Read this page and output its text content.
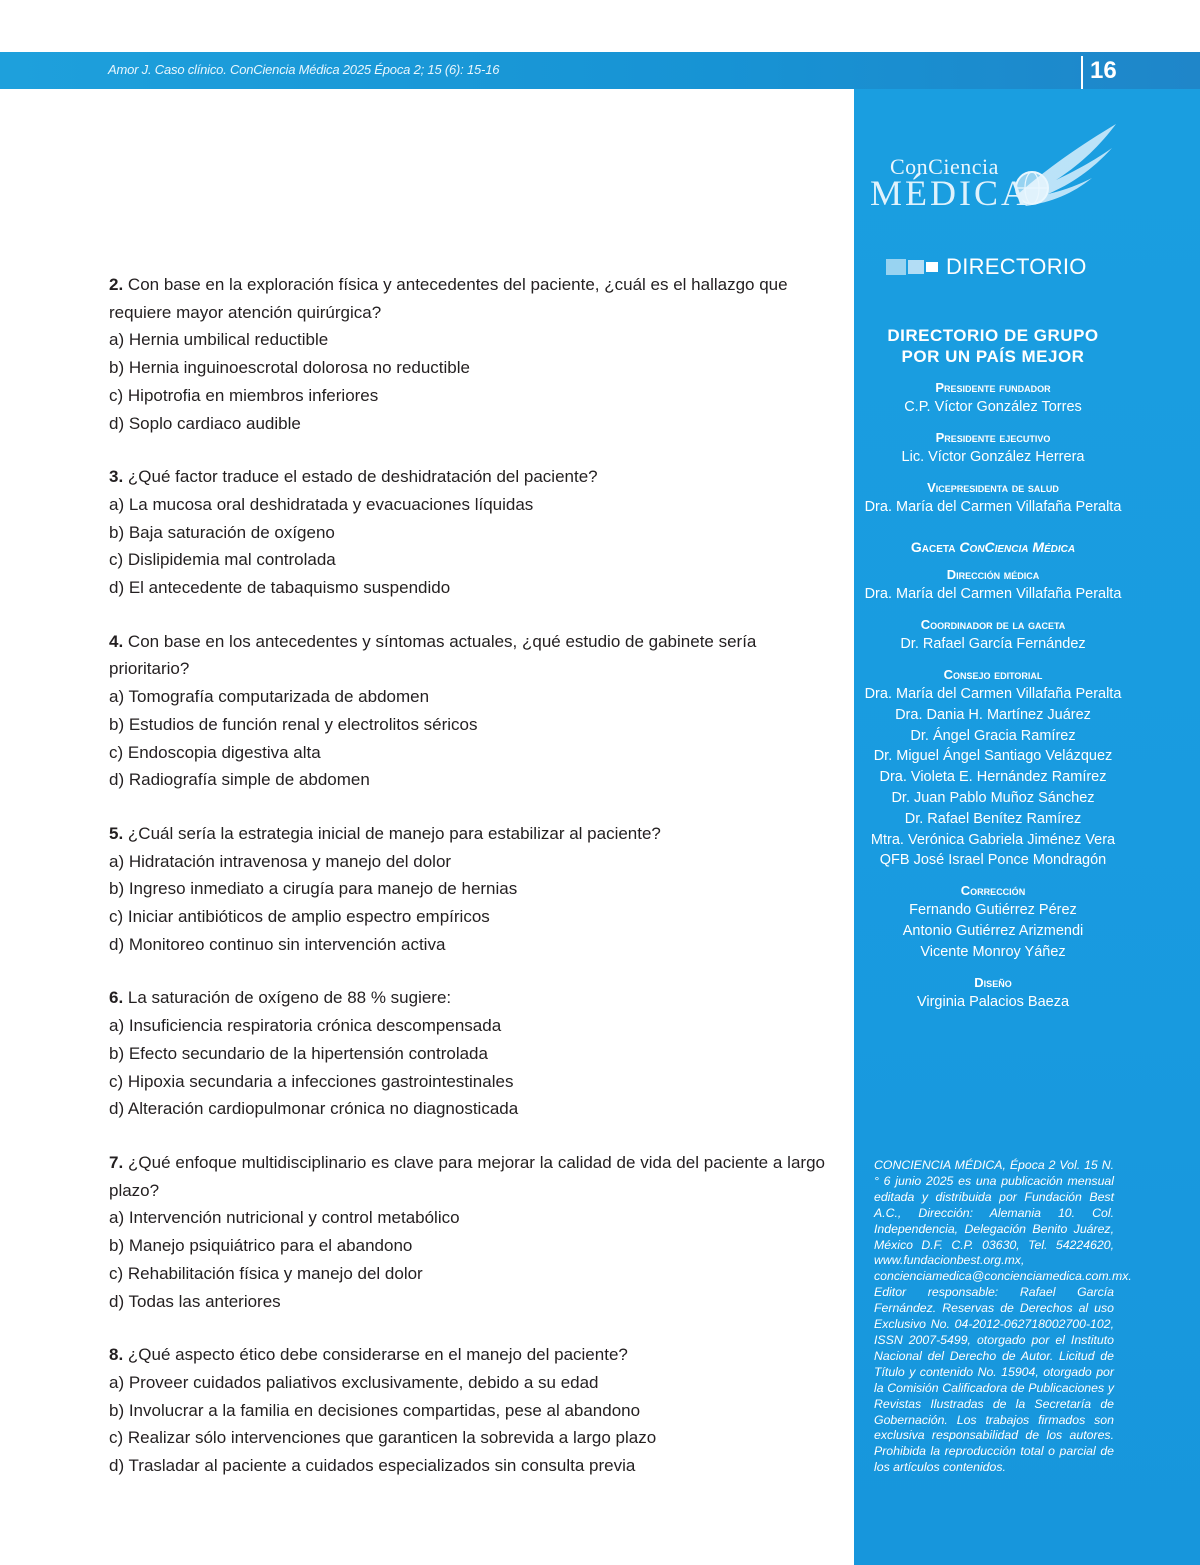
Amor J. Caso clínico. ConCiencia Médica 2025 Época 2; 15 (6): 15-16	16
ConCiencia
MÉDICA
DIRECTORIO
DIRECTORIO DE GRUPO
POR UN PAÍS MEJOR
Presidente fundador
C.P. Víctor González Torres
Presidente ejecutivo
Lic. Víctor González Herrera
Vicepresidenta de salud
Dra. María del Carmen Villafaña Peralta
Gaceta ConCiencia Médica
Dirección médica
Dra. María del Carmen Villafaña Peralta
Coordinador de la gaceta
Dr. Rafael García Fernández
Consejo editorial
Dra. María del Carmen Villafaña Peralta
Dra. Dania H. Martínez Juárez
Dr. Ángel Gracia Ramírez
Dr. Miguel Ángel Santiago Velázquez
Dra. Violeta E. Hernández Ramírez
Dr. Juan Pablo Muñoz Sánchez
Dr. Rafael Benítez Ramírez
Mtra. Verónica Gabriela Jiménez Vera
QFB José Israel Ponce Mondragón
Corrección
Fernando Gutiérrez Pérez
Antonio Gutiérrez Arizmendi
Vicente Monroy Yáñez
Diseño
Virginia Palacios Baeza
CONCIENCIA MÉDICA, Época 2 Vol. 15 N.° 6 junio 2025 es una publicación mensual editada y distribuida por Fundación Best A.C., Dirección: Alemania 10. Col. Independencia, Delegación Benito Juárez, México D.F. C.P. 03630, Tel. 54224620, www.fundacionbest.org.mx, concienciamedica@concienciamedica.com.mx. Editor responsable: Rafael García Fernández. Reservas de Derechos al uso Exclusivo No. 04-2012-062718002700-102, ISSN 2007-5499, otorgado por el Instituto Nacional del Derecho de Autor. Licitud de Título y contenido No. 15904, otorgado por la Comisión Calificadora de Publicaciones y Revistas Ilustradas de la Secretaría de Gobernación. Los trabajos firmados son exclusiva responsabilidad de los autores. Prohibida la reproducción total o parcial de los artículos contenidos.
2. Con base en la exploración física y antecedentes del paciente, ¿cuál es el hallazgo que requiere mayor atención quirúrgica?
a) Hernia umbilical reductible
b) Hernia inguinoescrotal dolorosa no reductible
c) Hipotrofia en miembros inferiores
d) Soplo cardiaco audible
3. ¿Qué factor traduce el estado de deshidratación del paciente?
a) La mucosa oral deshidratada y evacuaciones líquidas
b) Baja saturación de oxígeno
c) Dislipidemia mal controlada
d) El antecedente de tabaquismo suspendido
4. Con base en los antecedentes y síntomas actuales, ¿qué estudio de gabinete sería prioritario?
a) Tomografía computarizada de abdomen
b) Estudios de función renal y electrolitos séricos
c) Endoscopia digestiva alta
d) Radiografía simple de abdomen
5. ¿Cuál sería la estrategia inicial de manejo para estabilizar al paciente?
a) Hidratación intravenosa y manejo del dolor
b) Ingreso inmediato a cirugía para manejo de hernias
c) Iniciar antibióticos de amplio espectro empíricos
d) Monitoreo continuo sin intervención activa
6. La saturación de oxígeno de 88 % sugiere:
a) Insuficiencia respiratoria crónica descompensada
b) Efecto secundario de la hipertensión controlada
c) Hipoxia secundaria a infecciones gastrointestinales
d) Alteración cardiopulmonar crónica no diagnosticada
7. ¿Qué enfoque multidisciplinario es clave para mejorar la calidad de vida del paciente a largo plazo?
a) Intervención nutricional y control metabólico
b) Manejo psiquiátrico para el abandono
c) Rehabilitación física y manejo del dolor
d) Todas las anteriores
8. ¿Qué aspecto ético debe considerarse en el manejo del paciente?
a) Proveer cuidados paliativos exclusivamente, debido a su edad
b) Involucrar a la familia en decisiones compartidas, pese al abandono
c) Realizar sólo intervenciones que garanticen la sobrevida a largo plazo
d) Trasladar al paciente a cuidados especializados sin consulta previa
